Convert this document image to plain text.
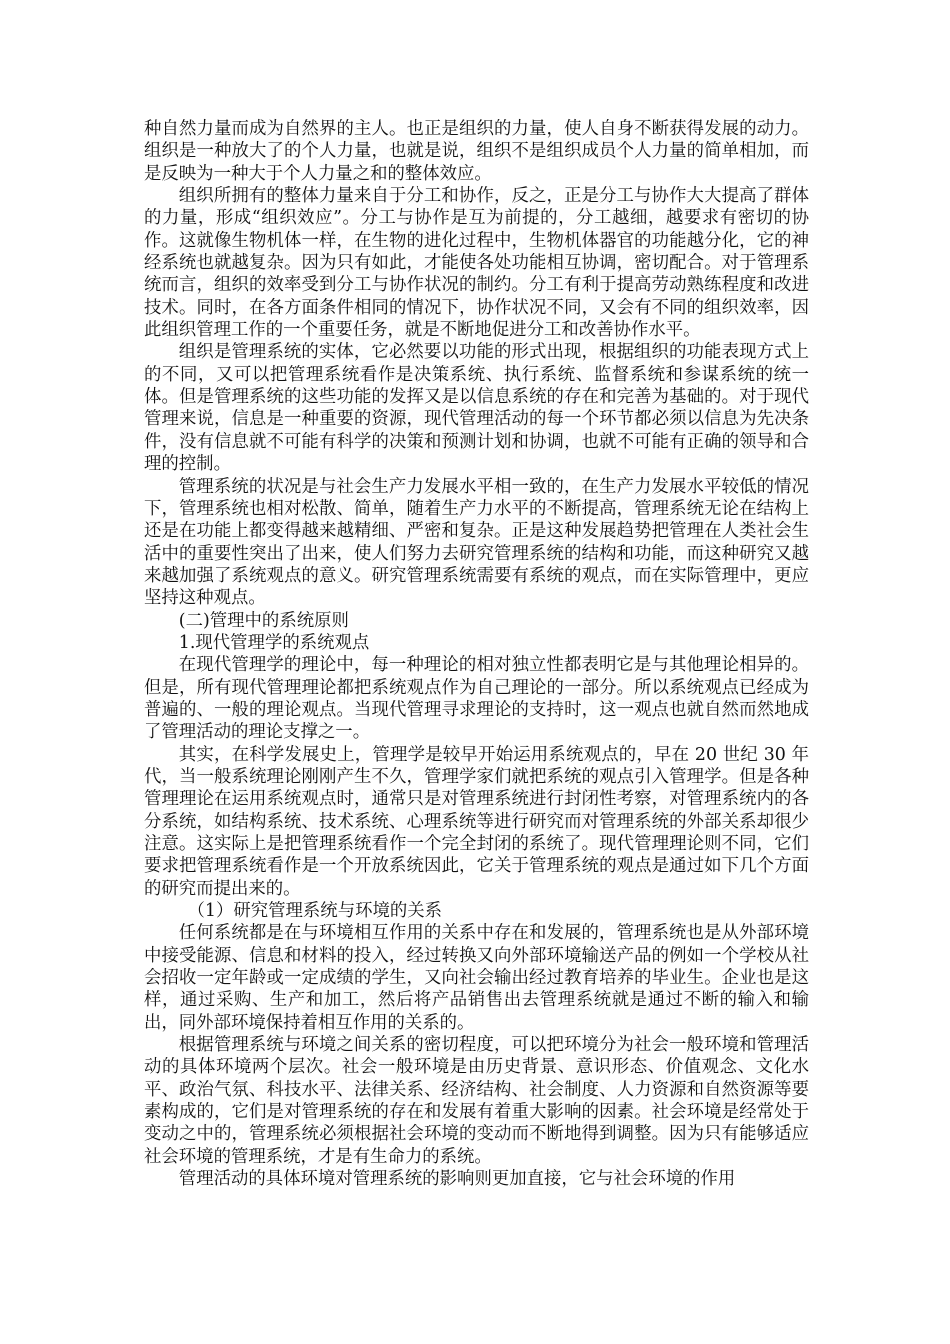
种自然力量而成为自然界的主人。也正是组织的力量，使人自身不断获得发展的动力。组织是一种放大了的个人力量，也就是说，组织不是组织成员个人力量的简单相加，而是反映为一种大于个人力量之和的整体效应。

组织所拥有的整体力量来自于分工和协作，反之，正是分工与协作大大提高了群体的力量，形成“组织效应”。分工与协作是互为前提的，分工越细，越要求有密切的协作。这就像生物机体一样，在生物的进化过程中，生物机体器官的功能越分化，它的神经系统也就越复杂。因为只有如此，才能使各处功能相互协调，密切配合。对于管理系统而言，组织的效率受到分工与协作状况的制约。分工有利于提高劳动熟练程度和改进技术。同时，在各方面条件相同的情况下，协作状况不同，又会有不同的组织效率，因此组织管理工作的一个重要任务，就是不断地促进分工和改善协作水平。

组织是管理系统的实体，它必然要以功能的形式出现，根据组织的功能表现方式上的不同，又可以把管理系统看作是决策系统、执行系统、监督系统和参谋系统的统一体。但是管理系统的这些功能的发挥又是以信息系统的存在和完善为基础的。对于现代管理来说，信息是一种重要的资源，现代管理活动的每一个环节都必须以信息为先决条件，没有信息就不可能有科学的决策和预测计划和协调，也就不可能有正确的领导和合理的控制。

管理系统的状况是与社会生产力发展水平相一致的，在生产力发展水平较低的情况下，管理系统也相对松散、简单，随着生产力水平的不断提高，管理系统无论在结构上还是在功能上都变得越来越精细、严密和复杂。正是这种发展趋势把管理在人类社会生活中的重要性突出了出来，使人们努力去研究管理系统的结构和功能，而这种研究又越来越加强了系统观点的意义。研究管理系统需要有系统的观点，而在实际管理中，更应坚持这种观点。

(二)管理中的系统原则

1.现代管理学的系统观点

在现代管理学的理论中，每一种理论的相对独立性都表明它是与其他理论相异的。但是，所有现代管理理论都把系统观点作为自己理论的一部分。所以系统观点已经成为普遍的、一般的理论观点。当现代管理寻求理论的支持时，这一观点也就自然而然地成了管理活动的理论支撑之一。

其实，在科学发展史上，管理学是较早开始运用系统观点的，早在 20 世纪 30 年代，当一般系统理论刚刚产生不久，管理学家们就把系统的观点引入管理学。但是各种管理理论在运用系统观点时，通常只是对管理系统进行封闭性考察，对管理系统内的各分系统，如结构系统、技术系统、心理系统等进行研究而对管理系统的外部关系却很少注意。这实际上是把管理系统看作一个完全封闭的系统了。现代管理理论则不同，它们要求把管理系统看作是一个开放系统因此，它关于管理系统的观点是通过如下几个方面的研究而提出来的。

（1）研究管理系统与环境的关系

任何系统都是在与环境相互作用的关系中存在和发展的，管理系统也是从外部环境中接受能源、信息和材料的投入，经过转换又向外部环境输送产品的例如一个学校从社会招收一定年龄或一定成绩的学生，又向社会输出经过教育培养的毕业生。企业也是这样，通过采购、生产和加工，然后将产品销售出去管理系统就是通过不断的输入和输出，同外部环境保持着相互作用的关系的。

根据管理系统与环境之间关系的密切程度，可以把环境分为社会一般环境和管理活动的具体环境两个层次。社会一般环境是由历史背景、意识形态、价值观念、文化水平、政治气氛、科技水平、法律关系、经济结构、社会制度、人力资源和自然资源等要素构成的，它们是对管理系统的存在和发展有着重大影响的因素。社会环境是经常处于变动之中的，管理系统必须根据社会环境的变动而不断地得到调整。因为只有能够适应社会环境的管理系统，才是有生命力的系统。

管理活动的具体环境对管理系统的影响则更加直接，它与社会环境的作用
